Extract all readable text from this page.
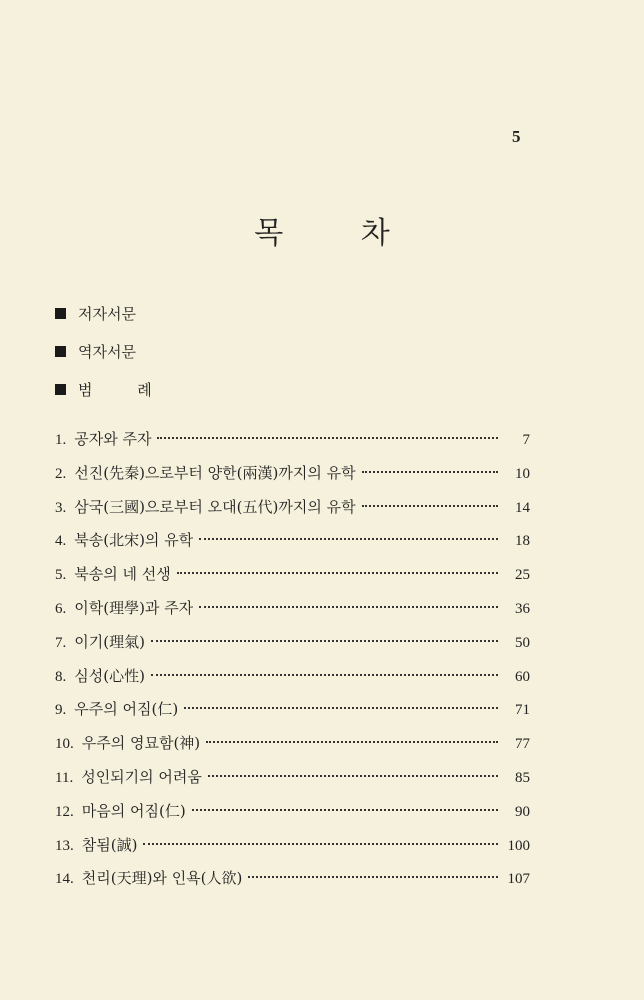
5
목 차
저자서문
역자서문
범 례
1. 공자와 주자	7
2. 선진(先秦)으로부터 양한(兩漢)까지의 유학	10
3. 삼국(三國)으로부터 오대(五代)까지의 유학	14
4. 북송(北宋)의 유학	18
5. 북송의 네 선생	25
6. 이학(理學)과 주자	36
7. 이기(理氣)	50
8. 심성(心性)	60
9. 우주의 어짐(仁)	71
10. 우주의 영묘함(神)	77
11. 성인되기의 어려움	85
12. 마음의 어짐(仁)	90
13. 참됨(誠)	100
14. 천리(天理)와 인욕(人欲)	107
